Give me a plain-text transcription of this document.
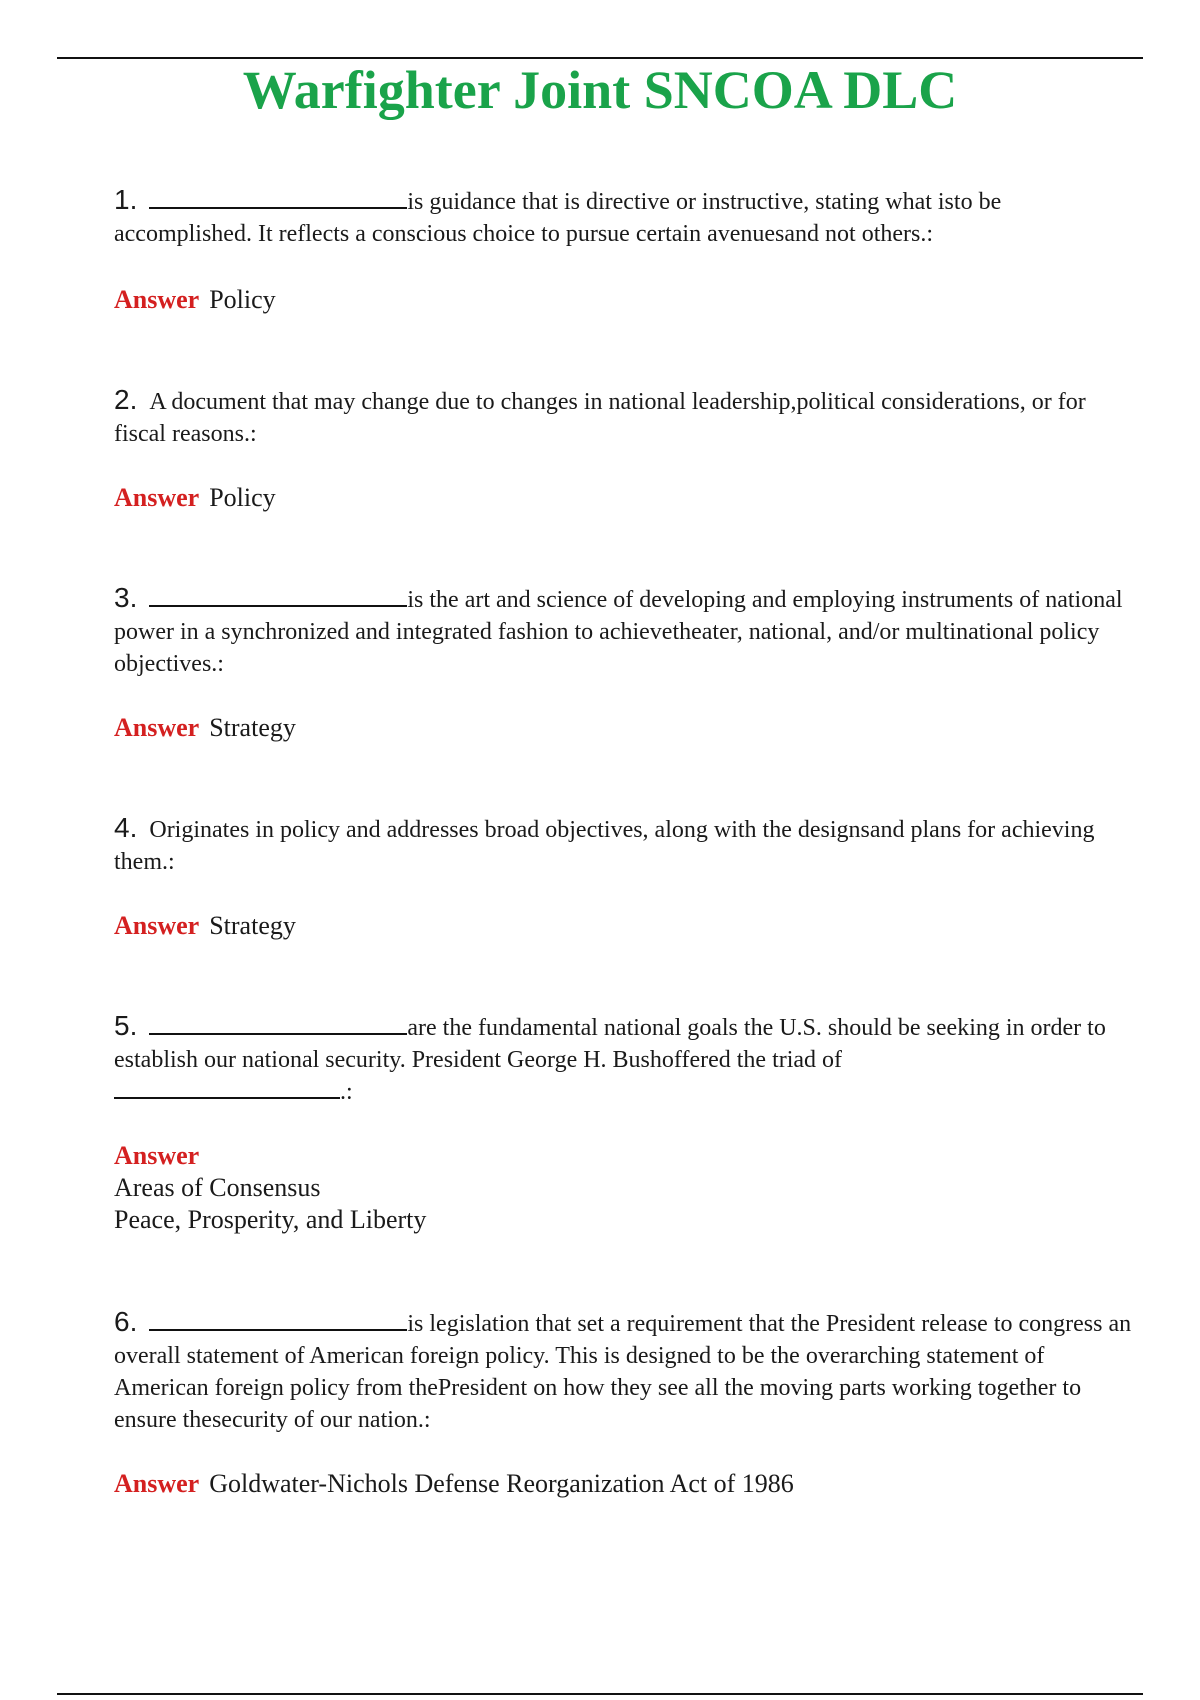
Warfighter Joint SNCOA DLC

1.	is guidance that is directive or instructive, stating what isto be accomplished. It reflects a conscious choice to pursue certain avenuesand not others.:

Answer Policy

2. A document that may change due to changes in national leadership,political considerations, or for fiscal reasons.:

Answer Policy

3.	is the art and science of developing and employing instruments of national power in a synchronized and integrated fashion to achievetheater, national, and/or multinational policy objectives.:

Answer Strategy

4. Originates in policy and addresses broad objectives, along with the designsand plans for achieving them.:

Answer Strategy

5.	are the fundamental national goals the U.S. should be seeking in order to establish our national security. President George H. Bushoffered the triad of
.:

Answer
Areas of Consensus
Peace, Prosperity, and Liberty

6.	is legislation that set a requirement that the President release to congress an overall statement of American foreign policy. This is designed to be the overarching statement of American foreign policy from thePresident on how they see all the moving parts working together to ensure thesecurity of our nation.:

Answer Goldwater-Nichols Defense Reorganization Act of 1986
